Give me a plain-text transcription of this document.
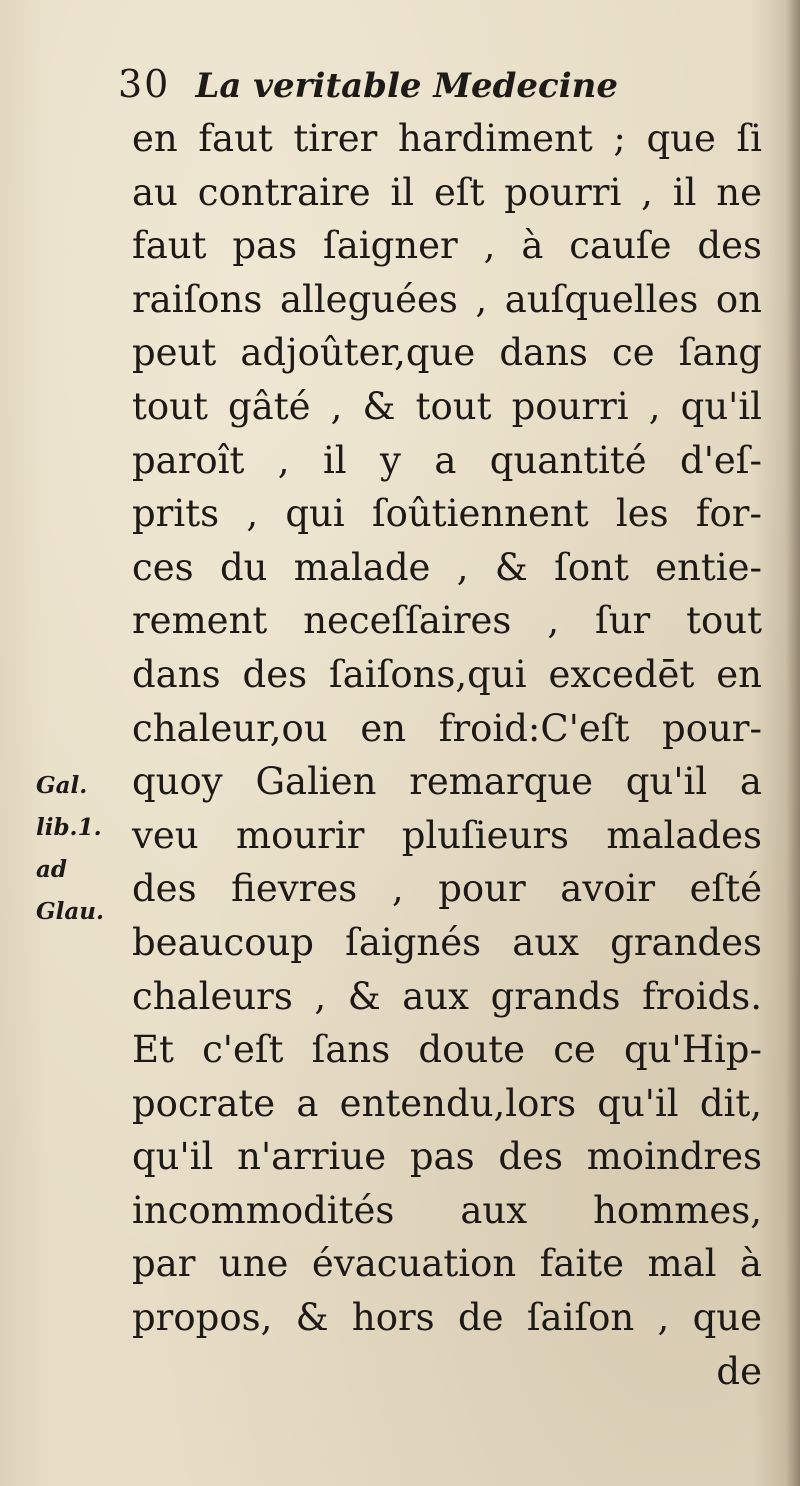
30 La veritable Medecine
Gal.
lib.1.
ad
Glau.
en faut tirer hardiment ; que ſi
au contraire il eſt pourri , il ne
faut pas ſaigner , à cauſe des
raiſons alleguées , auſquelles on
peut adjoûter,que dans ce ſang
tout gâté , & tout pourri , qu'il
paroît , il y a quantité d'eſ-
prits , qui ſoûtiennent les for-
ces du malade , & ſont entie-
rement neceſſaires , ſur tout
dans des ſaiſons,qui excedēt en
chaleur,ou en froid:C'eſt pour-
quoy Galien remarque qu'il a
veu mourir pluſieurs malades
des fievres , pour avoir eſté
beaucoup ſaignés aux grandes
chaleurs , & aux grands froids.
Et c'eſt ſans doute ce qu'Hip-
pocrate a entendu,lors qu'il dit,
qu'il n'arriue pas des moindres
incommodités aux hommes,
par une évacuation faite mal à
propos, & hors de ſaiſon , que
de
